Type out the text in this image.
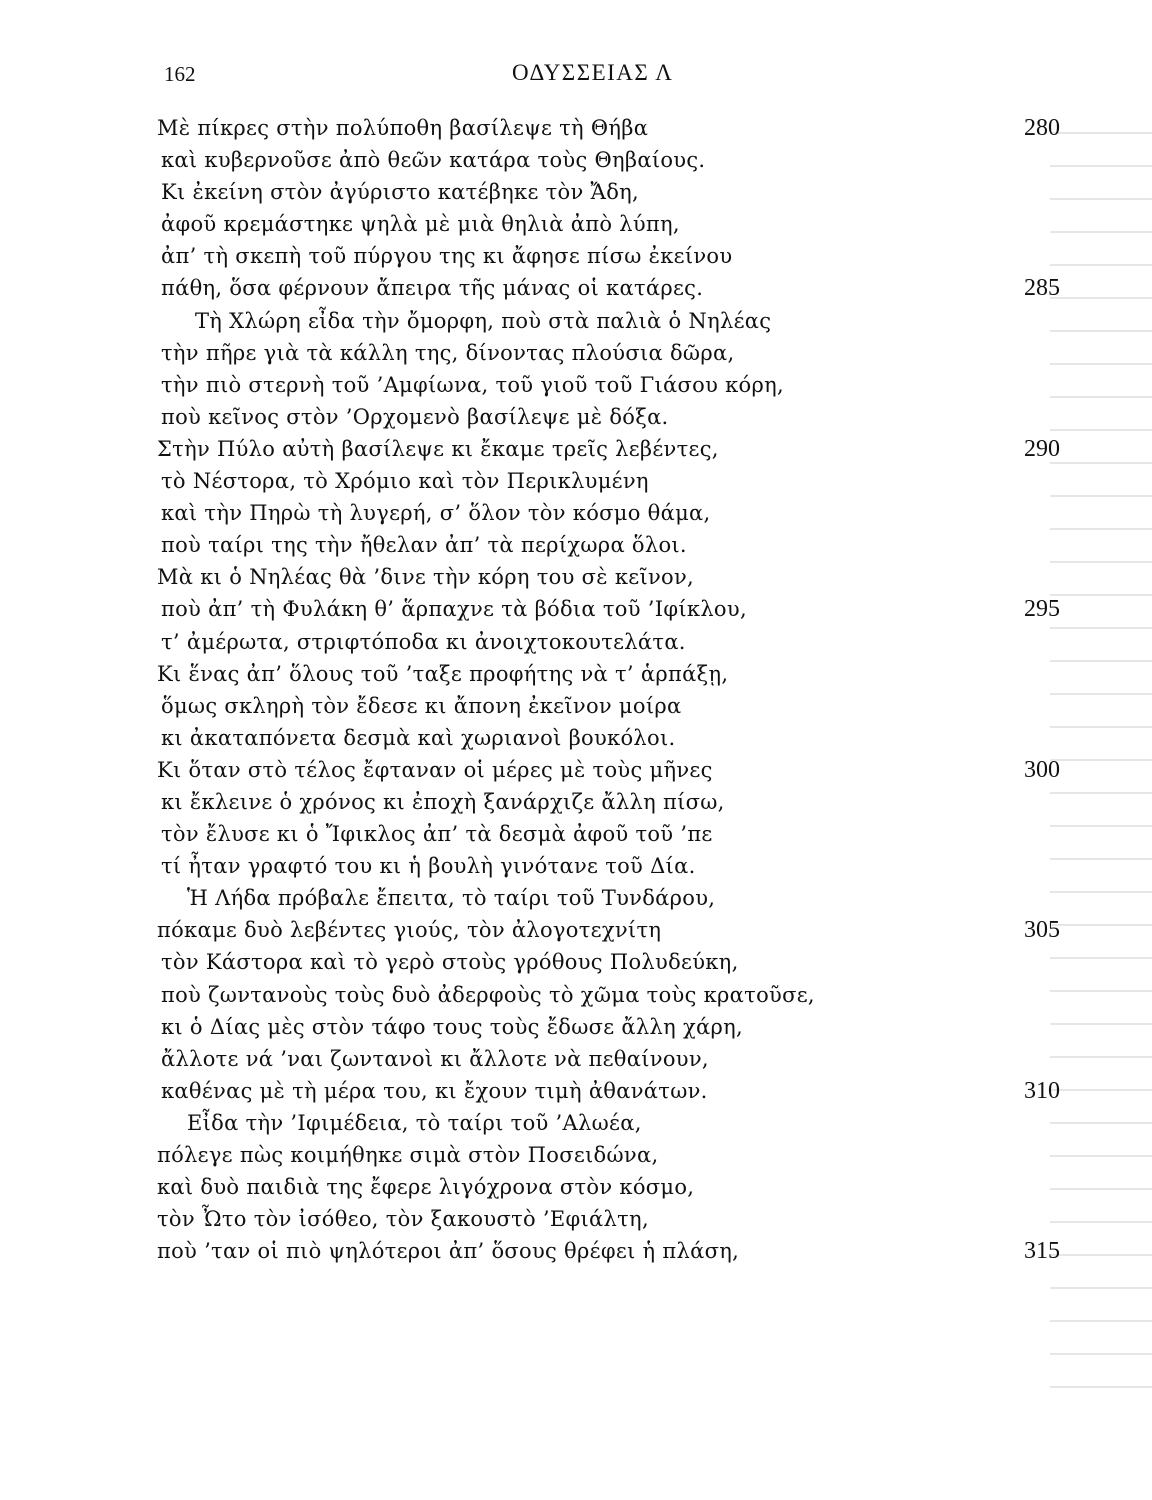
162	ΟΔΥΣΣΕΙΑΣ Λ
Μὲ πίκρες στὴν πολύποθη βασίλεψε τὴ Θήβα	280
καὶ κυβερνοῦσε ἀπὸ θεῶν κατάρα τοὺς Θηβαίους.
Κι ἐκείνη στὸν ἀγύριστο κατέβηκε τὸν Ἄδη,
ἀφοῦ κρεμάστηκε ψηλὰ μὲ μιὰ θηλιὰ ἀπὸ λύπη,
ἀπ’ τὴ σκεπὴ τοῦ πύργου της κι ἄφησε πίσω ἐκείνου
πάθη, ὅσα φέρνουν ἄπειρα τῆς μάνας οἱ κατάρες.	285
Τὴ Χλώρη εἶδα τὴν ὄμορφη, ποὺ στὰ παλιὰ ὁ Νηλέας
τὴν πῆρε γιὰ τὰ κάλλη της, δίνοντας πλούσια δῶρα,
τὴν πιὸ στερνὴ τοῦ ’Αμφίωνα, τοῦ γιοῦ τοῦ Γιάσου κόρη,
ποὺ κεῖνος στὸν ’Ορχομενὸ βασίλεψε μὲ δόξα.
Στὴν Πύλο αὐτὴ βασίλεψε κι ἔκαμε τρεῖς λεβέντες,	290
τὸ Νέστορα, τὸ Χρόμιο καὶ τὸν Περικλυμένη
καὶ τὴν Πηρὼ τὴ λυγερή, σ’ ὅλον τὸν κόσμο θάμα,
ποὺ ταίρι της τὴν ἤθελαν ἀπ’ τὰ περίχωρα ὅλοι.
Μὰ κι ὁ Νηλέας θὰ ’δινε τὴν κόρη του σὲ κεῖνον,
ποὺ ἀπ’ τὴ Φυλάκη θ’ ἅρπαχνε τὰ βόδια τοῦ ’Ιφίκλου,	295
τ’ ἀμέρωτα, στριφτόποδα κι ἀνοιχτοκουτελάτα.
Κι ἕνας ἀπ’ ὅλους τοῦ ’ταξε προφήτης νὰ τ’ ἁρπάξῃ,
ὅμως σκληρὴ τὸν ἔδεσε κι ἄπονη ἐκεῖνον μοίρα
κι ἀκαταπόνετα δεσμὰ καὶ χωριανοὶ βουκόλοι.
Κι ὅταν στὸ τέλος ἔφταναν οἱ μέρες μὲ τοὺς μῆνες	300
κι ἔκλεινε ὁ χρόνος κι ἐποχὴ ξανάρχιζε ἄλλη πίσω,
τὸν ἔλυσε κι ὁ Ἴφικλος ἀπ’ τὰ δεσμὰ ἀφοῦ τοῦ ’πε
τί ἦταν γραφτό του κι ἡ βουλὴ γινότανε τοῦ Δία.
Ἡ Λήδα πρόβαλε ἔπειτα, τὸ ταίρι τοῦ Τυνδάρου,
πόκαμε δυὸ λεβέντες γιούς, τὸν ἀλογοτεχνίτη	305
τὸν Κάστορα καὶ τὸ γερὸ στοὺς γρόθους Πολυδεύκη,
ποὺ ζωντανοὺς τοὺς δυὸ ἀδερφοὺς τὸ χῶμα τοὺς κρατοῦσε,
κι ὁ Δίας μὲς στὸν τάφο τους τοὺς ἔδωσε ἄλλη χάρη,
ἄλλοτε νά ’ναι ζωντανοὶ κι ἄλλοτε νὰ πεθαίνουν,
καθένας μὲ τὴ μέρα του, κι ἔχουν τιμὴ ἀθανάτων.	310
Εἶδα τὴν ’Ιφιμέδεια, τὸ ταίρι τοῦ ’Αλωέα,
πόλεγε πὼς κοιμήθηκε σιμὰ στὸν Ποσειδώνα,
καὶ δυὸ παιδιὰ της ἔφερε λιγόχρονα στὸν κόσμο,
τὸν Ὦτο τὸν ἰσόθεο, τὸν ξακουστὸ ’Εφιάλτη,
ποὺ ’ταν οἱ πιὸ ψηλότεροι ἀπ’ ὅσους θρέφει ἡ πλάση,	315
